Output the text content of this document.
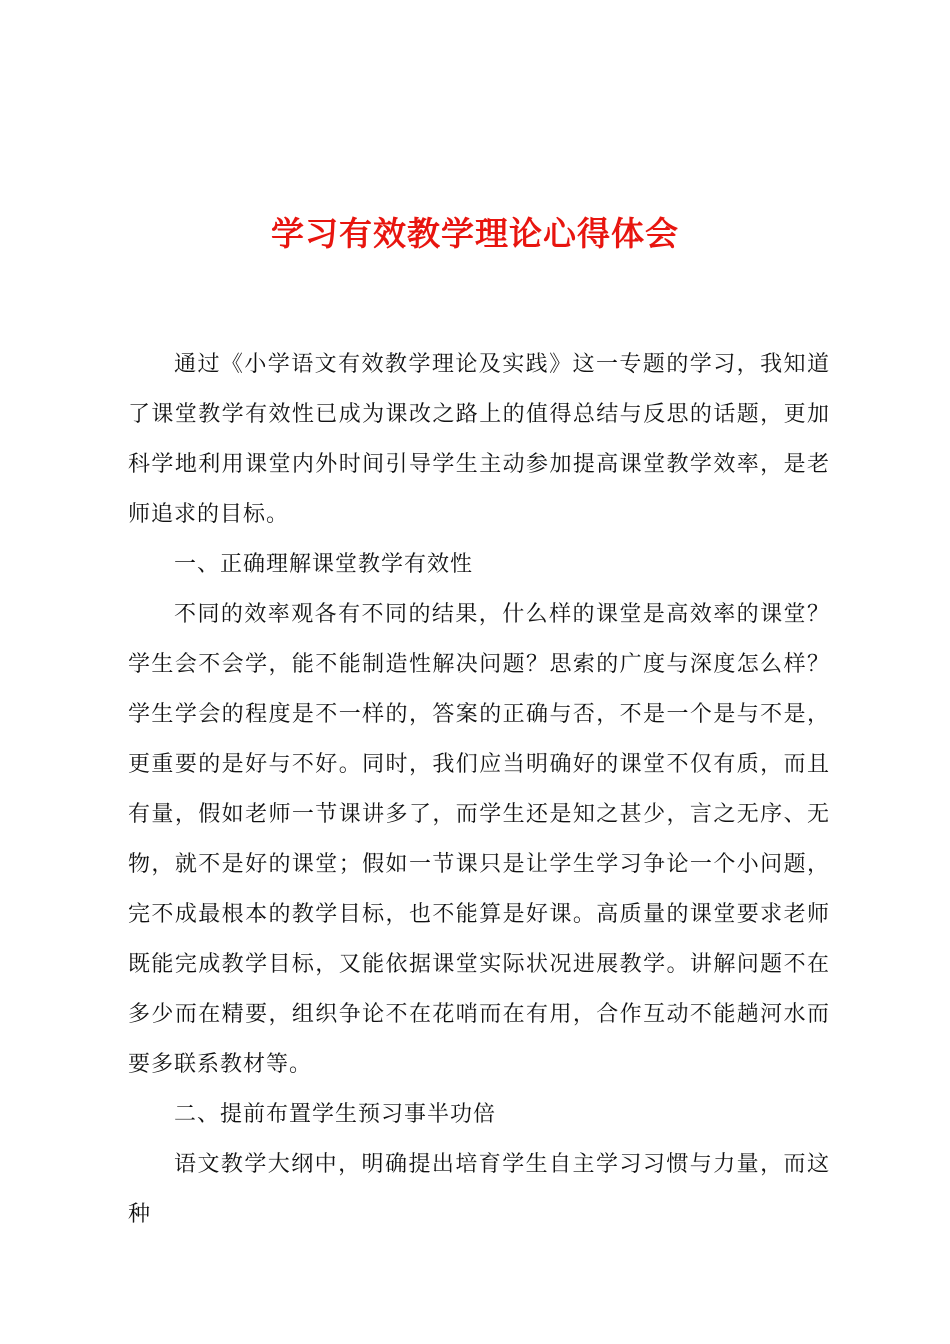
学习有效教学理论心得体会

通过《小学语文有效教学理论及实践》这一专题的学习，我知道了课堂教学有效性已成为课改之路上的值得总结与反思的话题，更加科学地利用课堂内外时间引导学生主动参加提高课堂教学效率，是老师追求的目标。

一、正确理解课堂教学有效性

不同的效率观各有不同的结果，什么样的课堂是高效率的课堂？学生会不会学，能不能制造性解决问题？思索的广度与深度怎么样？学生学会的程度是不一样的，答案的正确与否，不是一个是与不是，更重要的是好与不好。同时，我们应当明确好的课堂不仅有质，而且有量，假如老师一节课讲多了，而学生还是知之甚少，言之无序、无物，就不是好的课堂；假如一节课只是让学生学习争论一个小问题，完不成最根本的教学目标，也不能算是好课。高质量的课堂要求老师既能完成教学目标，又能依据课堂实际状况进展教学。讲解问题不在多少而在精要，组织争论不在花哨而在有用，合作互动不能趟河水而要多联系教材等。

二、提前布置学生预习事半功倍

语文教学大纲中，明确提出培育学生自主学习习惯与力量，而这种
